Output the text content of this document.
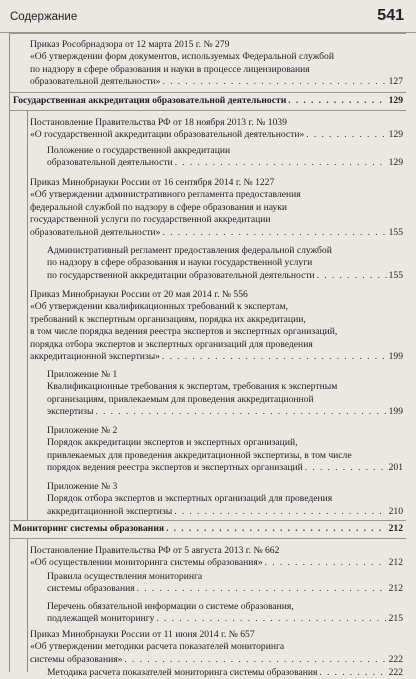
Содержание	541
Приказ Рособрнадзора от 12 марта 2015 г. № 279
«Об утверждении форм документов, используемых Федеральной службой
по надзору в сфере образования и науки в процессе лицензирования
образовательной деятельности» . . .	127
Государственная аккредитация образовательной деятельности . . .	129
Постановление Правительства РФ от 18 ноября 2013 г. № 1039
«О государственной аккредитации образовательной деятельности» . . .	129
Положение о государственной аккредитации
образовательной деятельности . . .	129
Приказ Минобрнауки России от 16 сентября 2014 г. № 1227
«Об утверждении административного регламента предоставления
федеральной службой по надзору в сфере образования и науки
государственной услуги по государственной аккредитации
образовательной деятельности» . . .	155
Административный регламент предоставления федеральной службой
по надзору в сфере образования и науки государственной услуги
по государственной аккредитации образовательной деятельности . . .	155
Приказ Минобрнауки России от 20 мая 2014 г. № 556
«Об утверждении квалификационных требований к экспертам,
требований к экспертным организациям, порядка их аккредитации,
в том числе порядка ведения реестра экспертов и экспертных организаций,
порядка отбора экспертов и экспертных организаций для проведения
аккредитационной экспертизы» . . .	199
Приложение № 1
Квалификационные требования к экспертам, требования к экспертным
организациям, привлекаемым для проведения аккредитационной
экспертизы . . .	199
Приложение № 2
Порядок аккредитации экспертов и экспертных организаций,
привлекаемых для проведения аккредитационной экспертизы, в том числе
порядок ведения реестра экспертов и экспертных организаций . . .	201
Приложение № 3
Порядок отбора экспертов и экспертных организаций для проведения
аккредитационной экспертизы . . .	210
Мониторинг системы образования . . .	212
Постановление Правительства РФ от 5 августа 2013 г. № 662
«Об осуществлении мониторинга системы образования» . . .	212
Правила осуществления мониторинга
системы образования . . .	212
Перечень обязательной информации о системе образования,
подлежащей мониторингу . . .	215
Приказ Минобрнауки России от 11 июня 2014 г. № 657
«Об утверждении методики расчета показателей мониторинга
системы образования» . . .	222
Методика расчета показателей мониторинга системы образования . . .	222
